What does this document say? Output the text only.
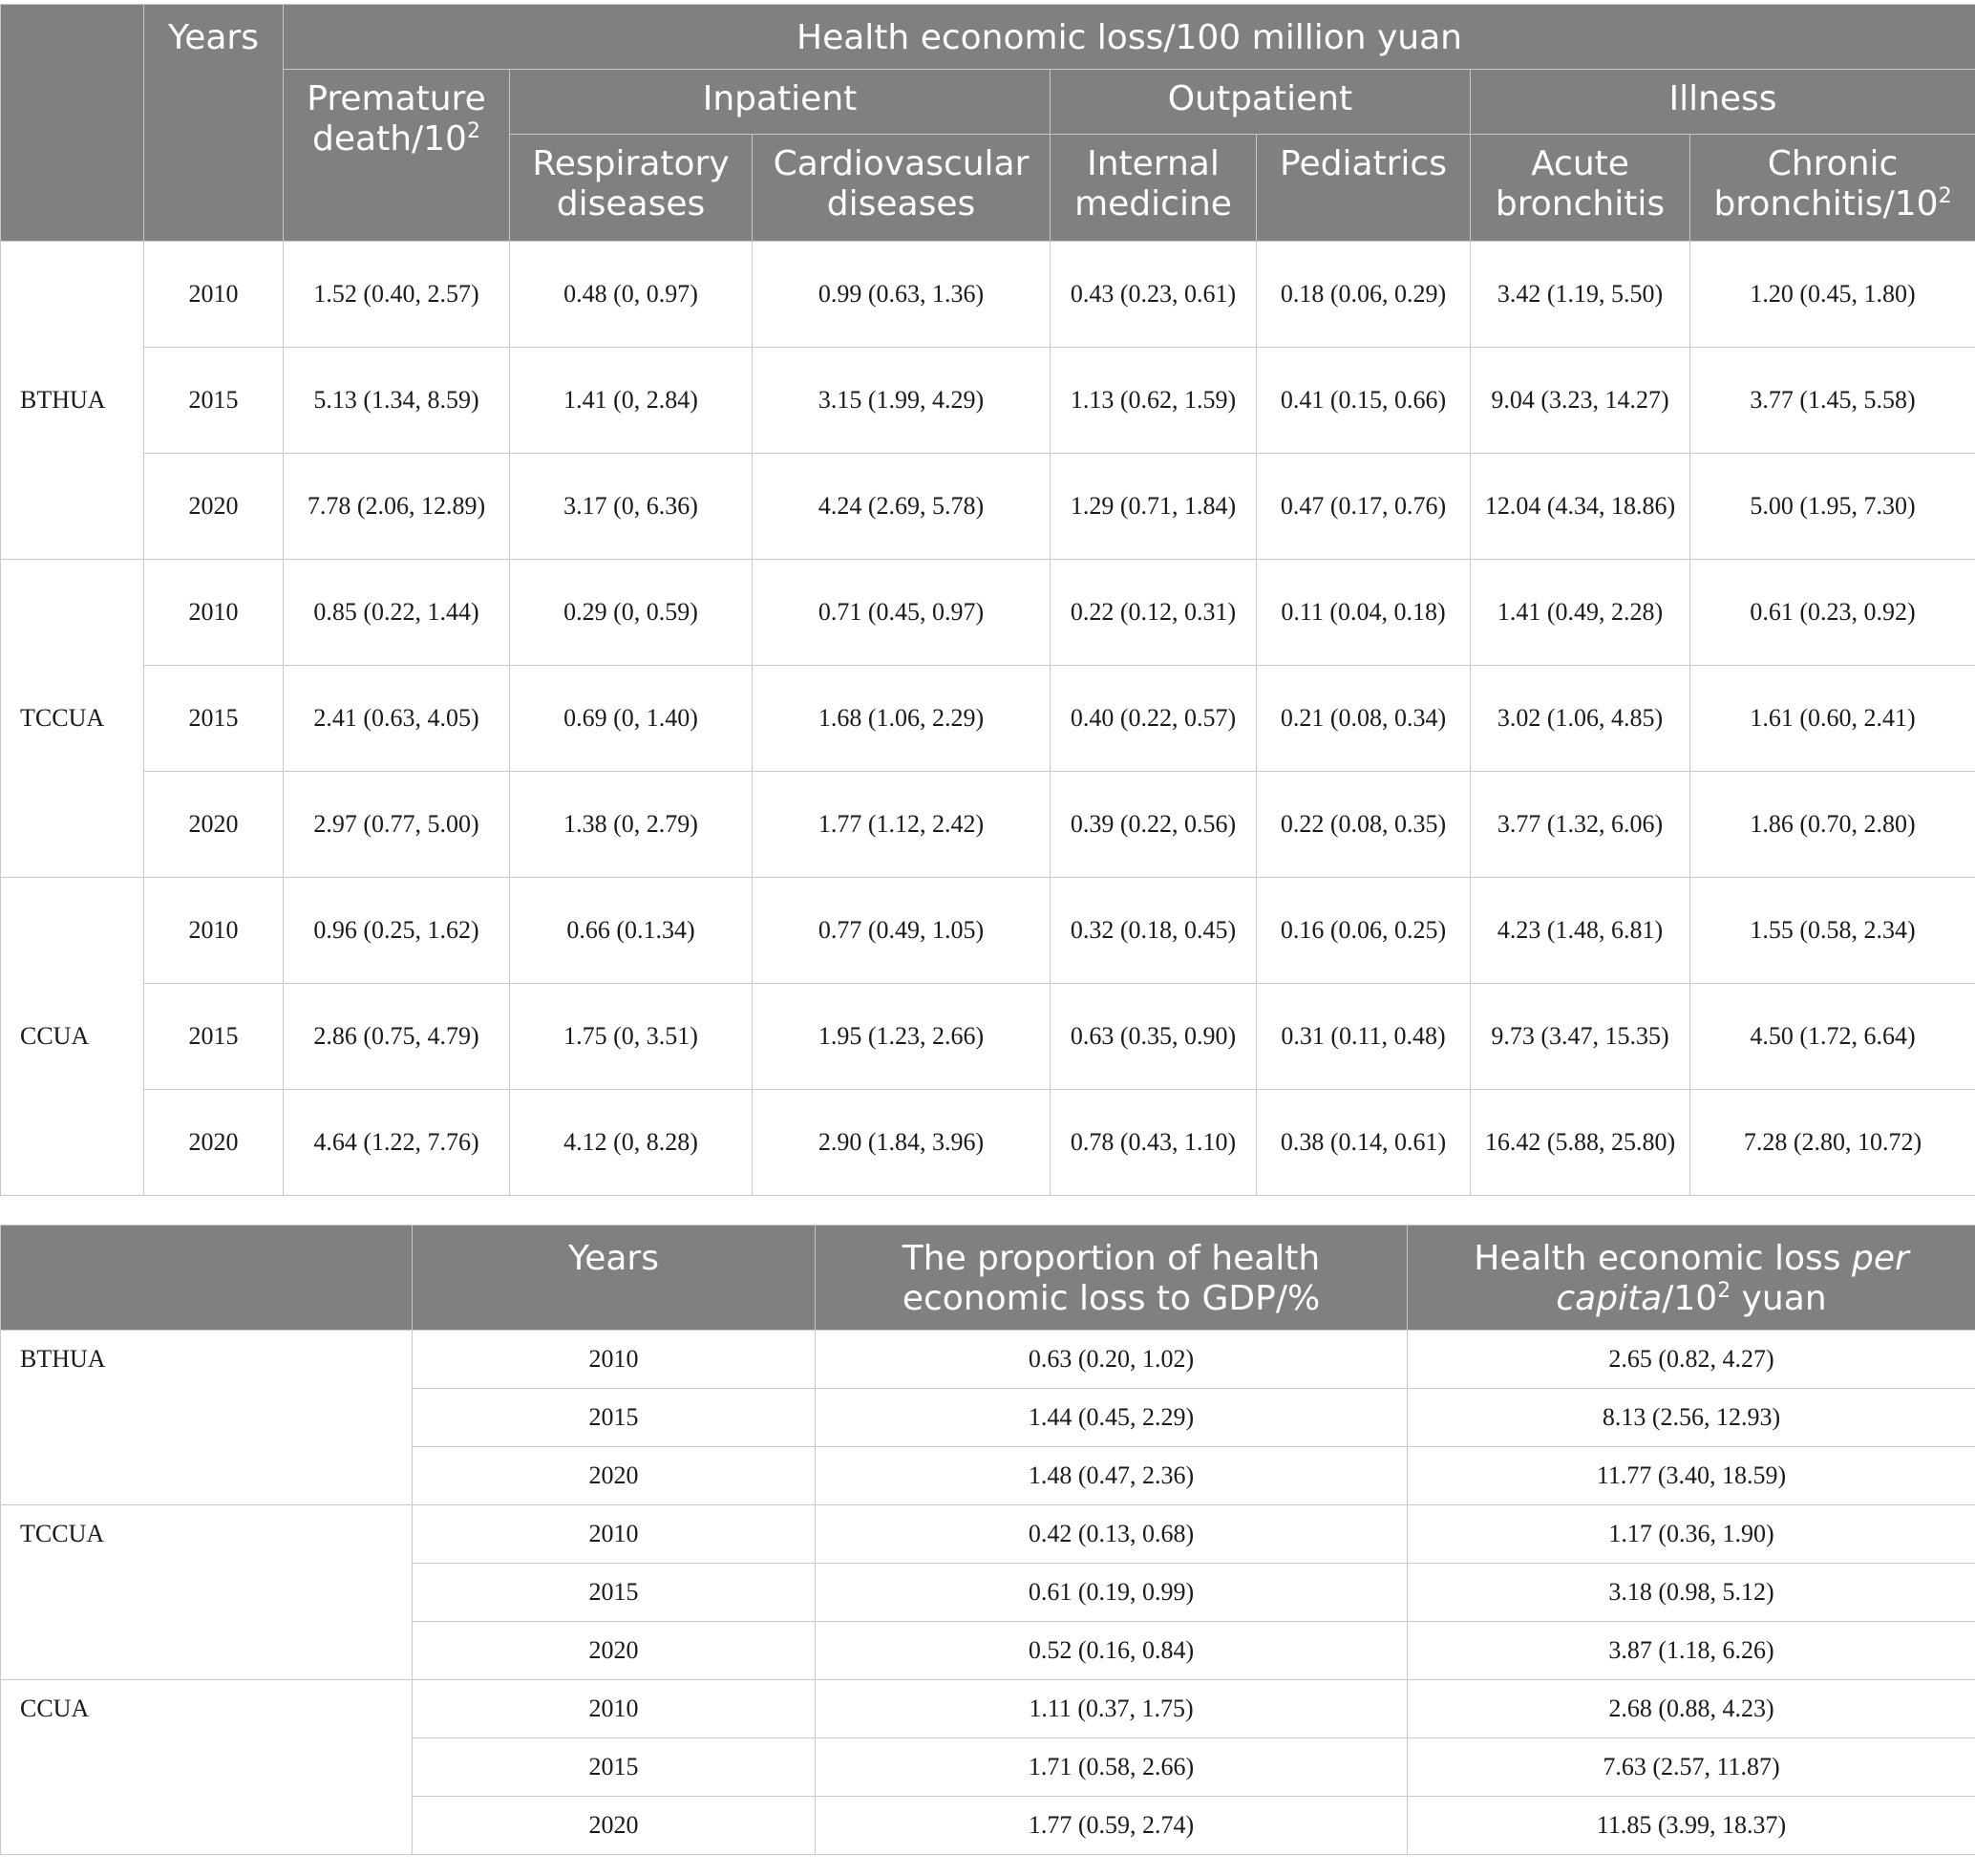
	Years	Health economic loss/100 million yuan						
		Premature death/$10^2$	Inpatient		Outpatient		Illness	
			Respiratory diseases	Cardiovascular diseases	Internal medicine	Pediatrics	Acute bronchitis	Chronic bronchitis/$10^2$
BTHUA	2010	1.52 (0.40, 2.57)	0.48 (0, 0.97)	0.99 (0.63, 1.36)	0.43 (0.23, 0.61)	0.18 (0.06, 0.29)	3.42 (1.19, 5.50)	1.20 (0.45, 1.80)
	2015	5.13 (1.34, 8.59)	1.41 (0, 2.84)	3.15 (1.99, 4.29)	1.13 (0.62, 1.59)	0.41 (0.15, 0.66)	9.04 (3.23, 14.27)	3.77 (1.45, 5.58)
	2020	7.78 (2.06, 12.89)	3.17 (0, 6.36)	4.24 (2.69, 5.78)	1.29 (0.71, 1.84)	0.47 (0.17, 0.76)	12.04 (4.34, 18.86)	5.00 (1.95, 7.30)
TCCUA	2010	0.85 (0.22, 1.44)	0.29 (0, 0.59)	0.71 (0.45, 0.97)	0.22 (0.12, 0.31)	0.11 (0.04, 0.18)	1.41 (0.49, 2.28)	0.61 (0.23, 0.92)
	2015	2.41 (0.63, 4.05)	0.69 (0, 1.40)	1.68 (1.06, 2.29)	0.40 (0.22, 0.57)	0.21 (0.08, 0.34)	3.02 (1.06, 4.85)	1.61 (0.60, 2.41)
	2020	2.97 (0.77, 5.00)	1.38 (0, 2.79)	1.77 (1.12, 2.42)	0.39 (0.22, 0.56)	0.22 (0.08, 0.35)	3.77 (1.32, 6.06)	1.86 (0.70, 2.80)
CCUA	2010	0.96 (0.25, 1.62)	0.66 (0.1.34)	0.77 (0.49, 1.05)	0.32 (0.18, 0.45)	0.16 (0.06, 0.25)	4.23 (1.48, 6.81)	1.55 (0.58, 2.34)
	2015	2.86 (0.75, 4.79)	1.75 (0, 3.51)	1.95 (1.23, 2.66)	0.63 (0.35, 0.90)	0.31 (0.11, 0.48)	9.73 (3.47, 15.35)	4.50 (1.72, 6.64)
	2020	4.64 (1.22, 7.76)	4.12 (0, 8.28)	2.90 (1.84, 3.96)	0.78 (0.43, 1.10)	0.38 (0.14, 0.61)	16.42 (5.88, 25.80)	7.28 (2.80, 10.72)
	Years	The proportion of health economic loss to GDP/%	Health economic loss per capita/$10^2$ yuan
BTHUA	2010	0.63 (0.20, 1.02)	2.65 (0.82, 4.27)
	2015	1.44 (0.45, 2.29)	8.13 (2.56, 12.93)
	2020	1.48 (0.47, 2.36)	11.77 (3.40, 18.59)
TCCUA	2010	0.42 (0.13, 0.68)	1.17 (0.36, 1.90)
	2015	0.61 (0.19, 0.99)	3.18 (0.98, 5.12)
	2020	0.52 (0.16, 0.84)	3.87 (1.18, 6.26)
CCUA	2010	1.11 (0.37, 1.75)	2.68 (0.88, 4.23)
	2015	1.71 (0.58, 2.66)	7.63 (2.57, 11.87)
	2020	1.77 (0.59, 2.74)	11.85 (3.99, 18.37)
